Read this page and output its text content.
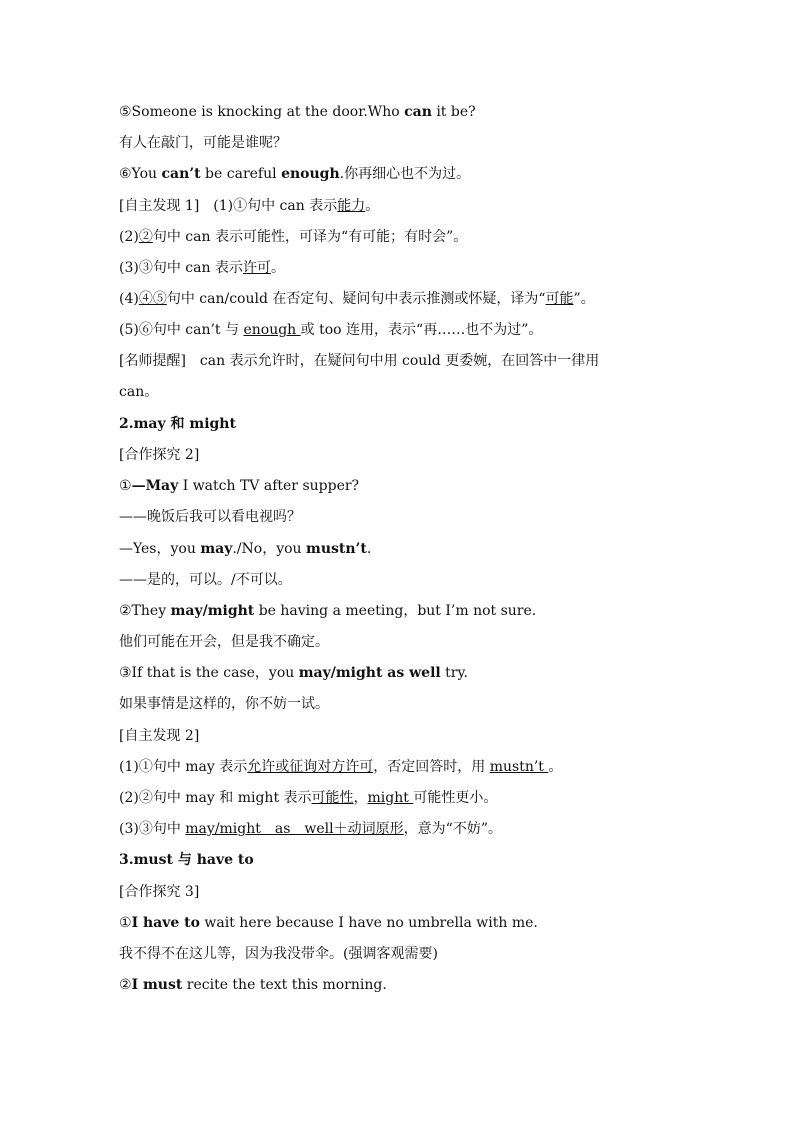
⑤Someone is knocking at the door.Who can it be?
有人在敲门，可能是谁呢？
⑥You can’t be careful enough.你再细心也不为过。
[自主发现 1]　(1)①句中 can 表示能力。
(2)②句中 can 表示可能性，可译为“有可能；有时会”。
(3)③句中 can 表示许可。
(4)④⑤句中 can/could 在否定句、疑问句中表示推测或怀疑，译为“可能”。
(5)⑥句中 can’t 与 enough 或 too 连用，表示“再……也不为过”。
[名师提醒]　can 表示允许时，在疑问句中用 could 更委婉，在回答中一律用
can。
2.may 和 might
[合作探究 2]
①—May I watch TV after supper?
——晚饭后我可以看电视吗？
—Yes，you may./No，you mustn’t.
——是的，可以。/不可以。
②They may/might be having a meeting，but I’m not sure.
他们可能在开会，但是我不确定。
③If that is the case，you may/might as well try.
如果事情是这样的，你不妨一试。
[自主发现 2]
(1)①句中 may 表示允许或征询对方许可，否定回答时，用 mustn’t 。
(2)②句中 may 和 might 表示可能性，might 可能性更小。
(3)③句中 may/might　as　well＋动词原形，意为“不妨”。
3.must 与 have to
[合作探究 3]
①I have to wait here because I have no umbrella with me.
我不得不在这儿等，因为我没带伞。(强调客观需要)
②I must recite the text this morning.
